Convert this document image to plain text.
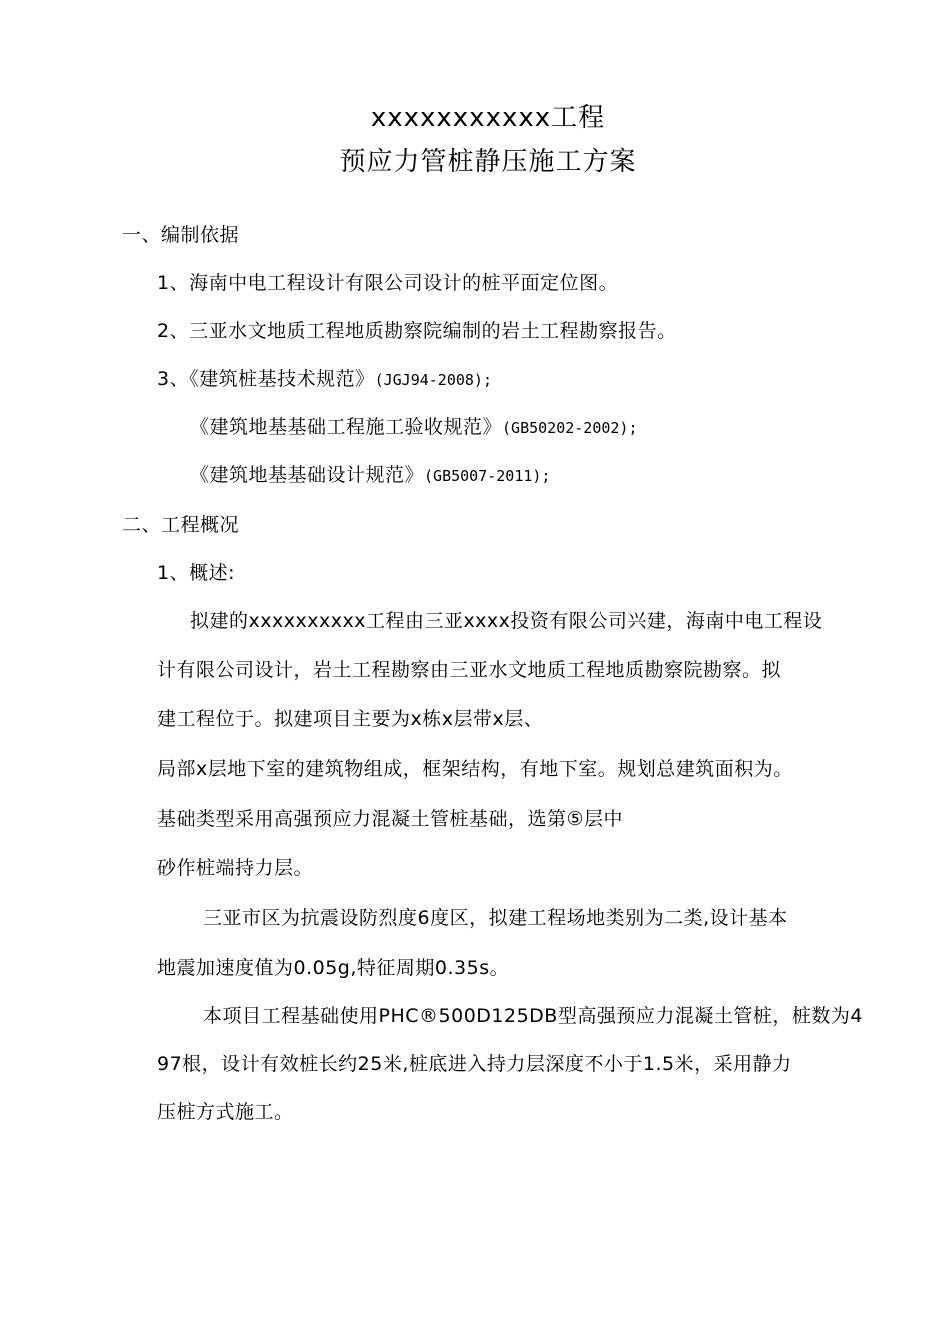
xxxxxxxxxxx工程
预应力管桩静压施工方案
一、编制依据
1、海南中电工程设计有限公司设计的桩平面定位图。
2、三亚水文地质工程地质勘察院编制的岩土工程勘察报告。
3、《建筑桩基技术规范》(JGJ94-2008);
《建筑地基基础工程施工验收规范》(GB50202-2002);
《建筑地基基础设计规范》(GB5007-2011);
二、工程概况
1、概述:
拟建的xxxxxxxxxx工程由三亚xxxx投资有限公司兴建，海南中电工程设
计有限公司设计，岩土工程勘察由三亚水文地质工程地质勘察院勘察。拟
建工程位于。拟建项目主要为x栋x层带x层、
局部x层地下室的建筑物组成，框架结构，有地下室。规划总建筑面积为。
基础类型采用高强预应力混凝土管桩基础，选第⑤层中
砂作桩端持力层。
三亚市区为抗震设防烈度6度区，拟建工程场地类别为二类,设计基本
地震加速度值为0.05g,特征周期0.35s。
本项目工程基础使用PHC®500D125DB型高强预应力混凝土管桩，桩数为4
97根，设计有效桩长约25米,桩底进入持力层深度不小于1.5米，采用静力
压桩方式施工。
